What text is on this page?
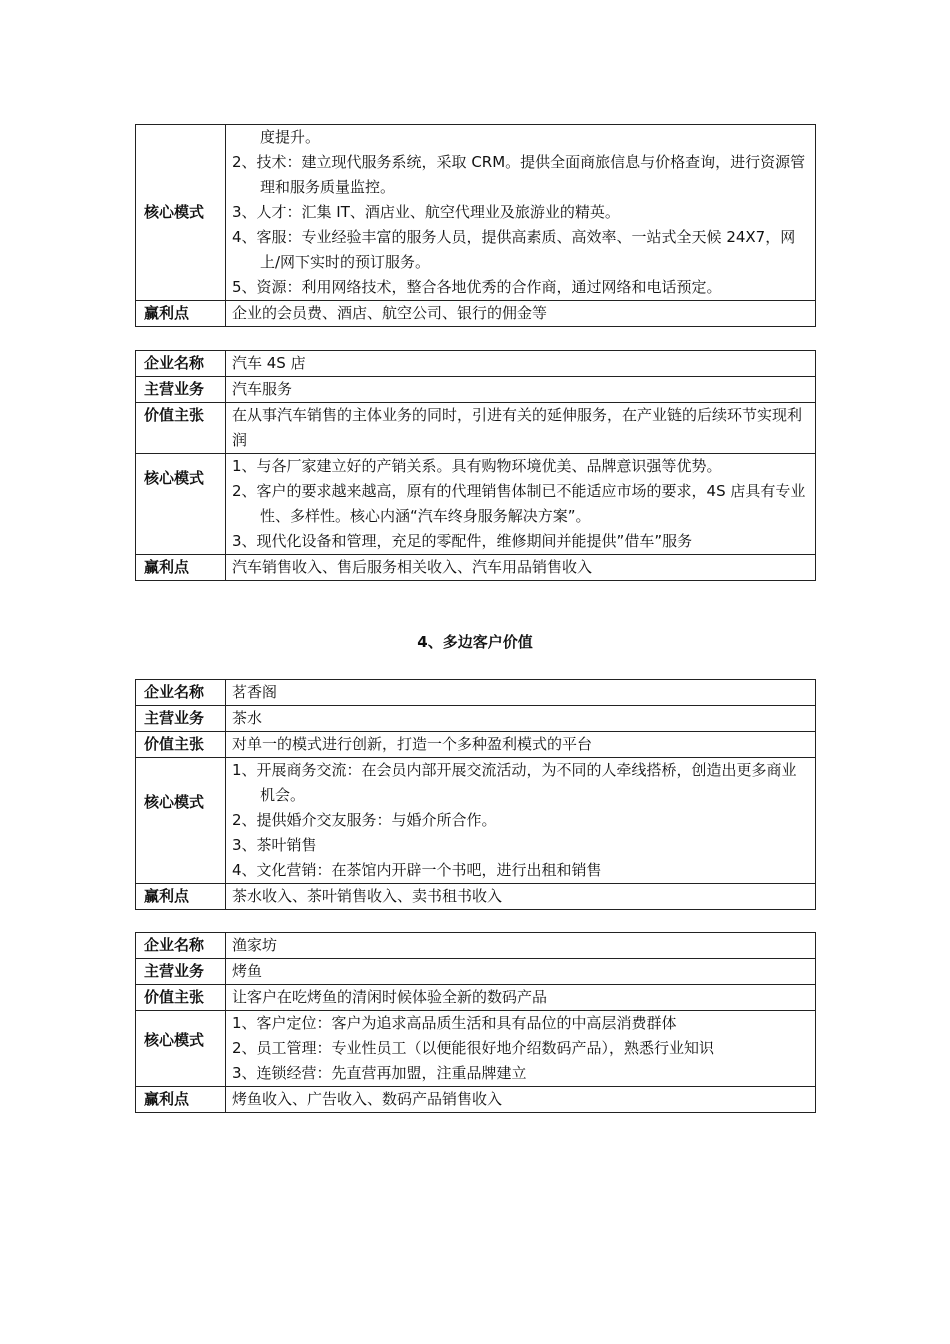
核心模式	度提升。
2、技术：建立现代服务系统，采取 CRM。提供全面商旅信息与价格查询，进行资源管理和服务质量监控。
3、人才：汇集 IT、酒店业、航空代理业及旅游业的精英。
4、客服：专业经验丰富的服务人员，提供高素质、高效率、一站式全天候 24X7，网上/网下实时的预订服务。
5、资源：利用网络技术，整合各地优秀的合作商，通过网络和电话预定。

赢利点	企业的会员费、酒店、航空公司、银行的佣金等
企业名称	汽车 4S 店
主营业务	汽车服务
价值主张	在从事汽车销售的主体业务的同时，引进有关的延伸服务，在产业链的后续环节实现利润
核心模式	1、与各厂家建立好的产销关系。具有购物环境优美、品牌意识强等优势。
2、客户的要求越来越高，原有的代理销售体制已不能适应市场的要求，4S 店具有专业性、多样性。核心内涵“汽车终身服务解决方案”。
3、现代化设备和管理，充足的零配件，维修期间并能提供”借车”服务

赢利点	汽车销售收入、售后服务相关收入、汽车用品销售收入
4、多边客户价值
企业名称	茗香阁
主营业务	茶水
价值主张	对单一的模式进行创新，打造一个多种盈利模式的平台
核心模式	1、开展商务交流：在会员内部开展交流活动，为不同的人牵线搭桥，创造出更多商业机会。
2、提供婚介交友服务：与婚介所合作。
3、茶叶销售
4、文化营销：在茶馆内开辟一个书吧，进行出租和销售

赢利点	茶水收入、茶叶销售收入、卖书租书收入
企业名称	渔家坊
主营业务	烤鱼
价值主张	让客户在吃烤鱼的清闲时候体验全新的数码产品
核心模式	1、客户定位：客户为追求高品质生活和具有品位的中高层消费群体
2、员工管理：专业性员工（以便能很好地介绍数码产品），熟悉行业知识
3、连锁经营：先直营再加盟，注重品牌建立

赢利点	烤鱼收入、广告收入、数码产品销售收入
